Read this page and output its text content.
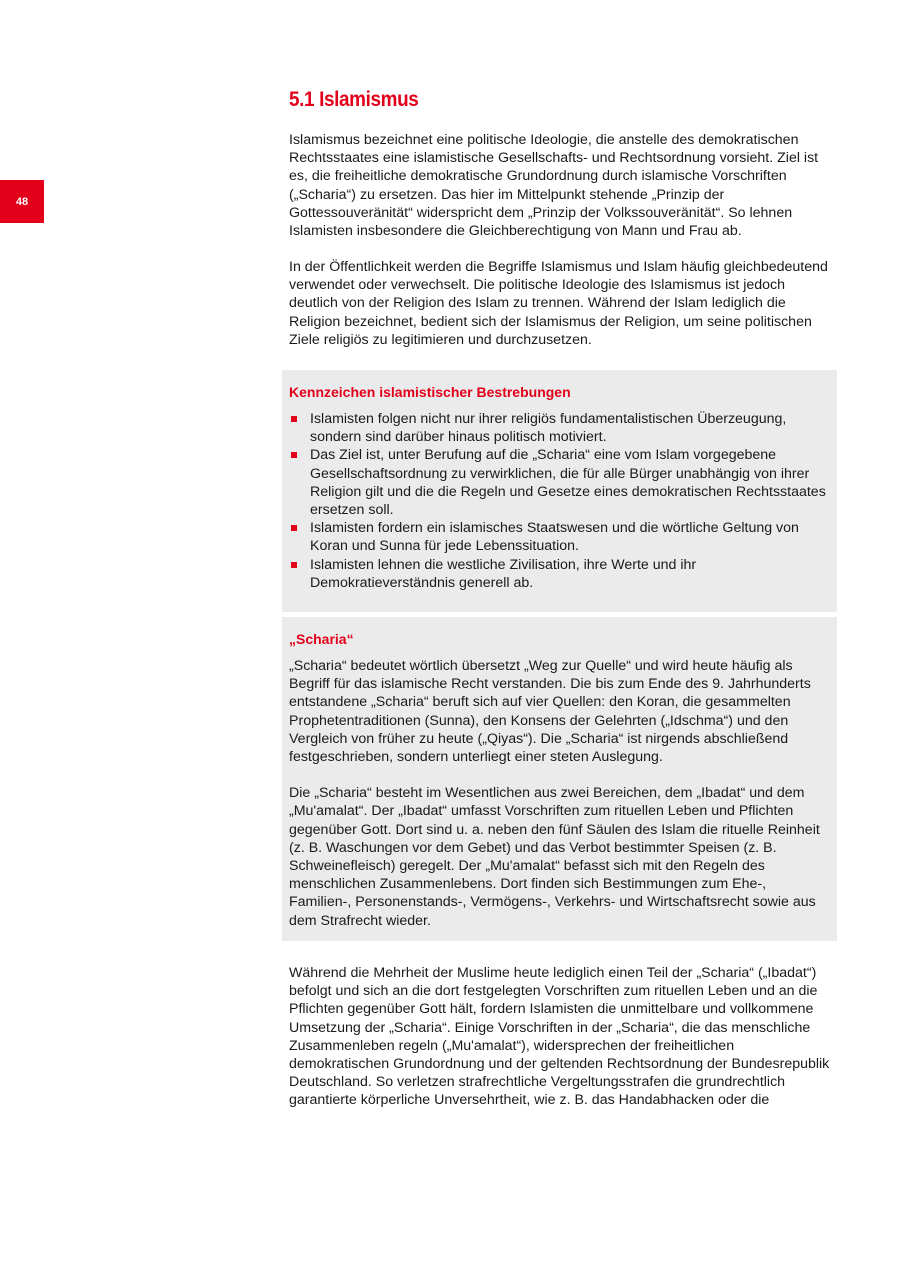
48
5.1 Islamismus

Islamismus bezeichnet eine politische Ideologie, die anstelle des demokratischen Rechtsstaates eine islamistische Gesellschafts- und Rechtsordnung vorsieht. Ziel ist es, die freiheitliche demokratische Grundordnung durch islamische Vorschriften („Scharia“) zu ersetzen. Das hier im Mittelpunkt stehende „Prinzip der Gottessouveränität“ widerspricht dem „Prinzip der Volkssouveränität“. So lehnen Islamisten insbesondere die Gleichberechtigung von Mann und Frau ab.

In der Öffentlichkeit werden die Begriffe Islamismus und Islam häufig gleichbedeutend verwendet oder verwechselt. Die politische Ideologie des Islamismus ist jedoch deutlich von der Religion des Islam zu trennen. Während der Islam lediglich die Religion bezeichnet, bedient sich der Islamismus der Religion, um seine politischen Ziele religiös zu legitimieren und durchzusetzen.

Kennzeichen islamistischer Bestrebungen
Islamisten folgen nicht nur ihrer religiös fundamentalistischen Überzeugung, sondern sind darüber hinaus politisch motiviert.
Das Ziel ist, unter Berufung auf die „Scharia“ eine vom Islam vorgegebene Gesellschaftsordnung zu verwirklichen, die für alle Bürger unabhängig von ihrer Religion gilt und die die Regeln und Gesetze eines demokratischen Rechtsstaates ersetzen soll.
Islamisten fordern ein islamisches Staatswesen und die wörtliche Geltung von Koran und Sunna für jede Lebenssituation.
Islamisten lehnen die westliche Zivilisation, ihre Werte und ihr Demokratieverständnis generell ab.
„Scharia“

„Scharia“ bedeutet wörtlich übersetzt „Weg zur Quelle“ und wird heute häufig als Begriff für das islamische Recht verstanden. Die bis zum Ende des 9. Jahrhunderts entstandene „Scharia“ beruft sich auf vier Quellen: den Koran, die gesammelten Prophetentraditionen (Sunna), den Konsens der Gelehrten („Idschma“) und den Vergleich von früher zu heute („Qiyas“). Die „Scharia“ ist nirgends abschließend festgeschrieben, sondern unterliegt einer steten Auslegung.

Die „Scharia“ besteht im Wesentlichen aus zwei Bereichen, dem „Ibadat“ und dem „Mu'amalat“. Der „Ibadat“ umfasst Vorschriften zum rituellen Leben und Pflichten gegenüber Gott. Dort sind u. a. neben den fünf Säulen des Islam die rituelle Reinheit (z. B. Waschungen vor dem Gebet) und das Verbot bestimmter Speisen (z. B. Schweinefleisch) geregelt. Der „Mu'amalat“ befasst sich mit den Regeln des menschlichen Zusammenlebens. Dort finden sich Bestimmungen zum Ehe-, Familien-, Personenstands-, Vermögens-, Verkehrs- und Wirtschaftsrecht sowie aus dem Strafrecht wieder.

Während die Mehrheit der Muslime heute lediglich einen Teil der „Scharia“ („Ibadat“) befolgt und sich an die dort festgelegten Vorschriften zum rituellen Leben und an die Pflichten gegenüber Gott hält, fordern Islamisten die unmittelbare und vollkommene Umsetzung der „Scharia“. Einige Vorschriften in der „Scharia“, die das menschliche Zusammenleben regeln („Mu'amalat“), widersprechen der freiheitlichen demokratischen Grundordnung und der geltenden Rechtsordnung der Bundesrepublik Deutschland. So verletzen strafrechtliche Vergeltungsstrafen die grundrechtlich garantierte körperliche Unversehrtheit, wie z. B. das Handabhacken oder die
